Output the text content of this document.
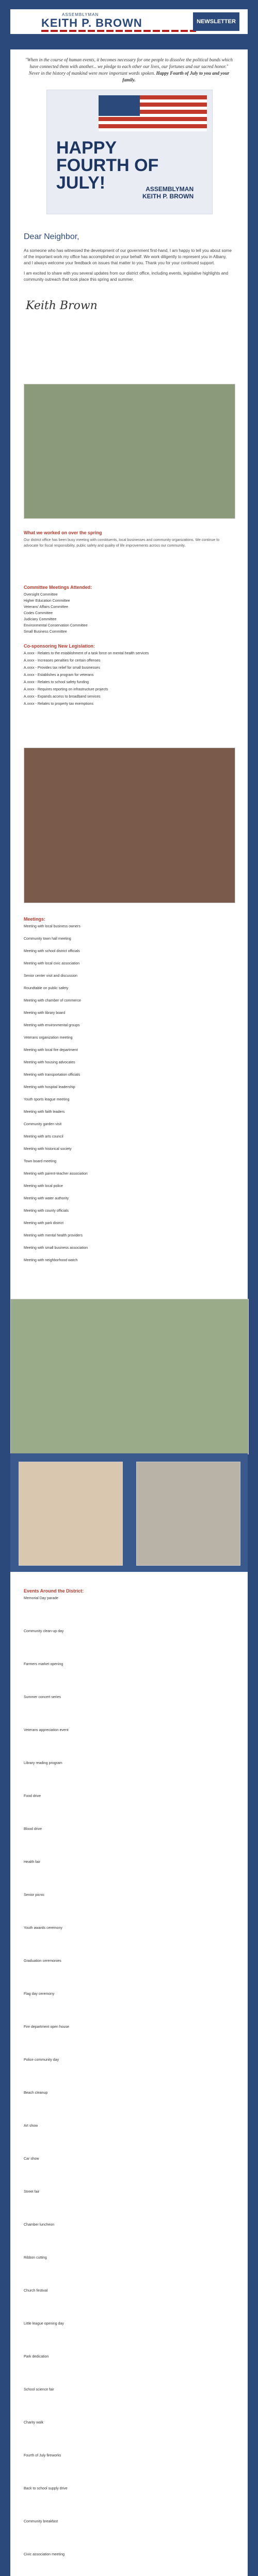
ASSEMBLYMAN
KEITH P. BROWN	NEWSLETTER
"When in the course of human events, it becomes necessary for one people to dissolve the political bands which have connected them with another... we pledge to each other our lives, our fortunes and our sacred honor." Never in the history of mankind were more important words spoken. Happy Fourth of July to you and your family.
HAPPY
FOURTH OF
JULY!	ASSEMBLYMAN
KEITH P. BROWN
Dear Neighbor,
As someone who has witnessed the development of our government first-hand, I am happy to tell you about some of the important work my office has accomplished on your behalf. We work diligently to represent you in Albany, and I always welcome your feedback on issues that matter to you. Thank you for your continued support.
I am excited to share with you several updates from our district office, including events, legislative highlights and community outreach that took place this spring and summer.
Keith Brown
What we worked on over the spring
Our district office has been busy meeting with constituents, local businesses and community organizations. We continue to advocate for fiscal responsibility, public safety and quality of life improvements across our community.
Committee Meetings Attended:
Oversight Committee
Higher Education Committee
Veterans' Affairs Committee
Codes Committee
Judiciary Committee
Environmental Conservation Committee
Small Business Committee
Co-sponsoring New Legislation:
A.xxxx - Relates to the establishment of a task force on mental health services
A.xxxx - Increases penalties for certain offenses
A.xxxx - Provides tax relief for small businesses
A.xxxx - Establishes a program for veterans
A.xxxx - Relates to school safety funding
A.xxxx - Requires reporting on infrastructure projects
A.xxxx - Expands access to broadband services
A.xxxx - Relates to property tax exemptions
Meetings:
Meeting with local business owners
Community town hall meeting
Meeting with school district officials
Meeting with local civic association
Senior center visit and discussion
Roundtable on public safety
Meeting with chamber of commerce
Meeting with library board
Meeting with environmental groups
Veterans organization meeting
Meeting with local fire department
Meeting with housing advocates
Meeting with transportation officials
Meeting with hospital leadership
Youth sports league meeting
Meeting with faith leaders
Community garden visit
Meeting with arts council
Meeting with historical society
Town board meeting
Meeting with parent-teacher association
Meeting with local police
Meeting with water authority
Meeting with county officials
Meeting with park district
Meeting with mental health providers
Meeting with small business association
Meeting with neighborhood watch
Events Around the District:
Memorial Day parade
Community clean-up day
Farmers market opening
Summer concert series
Veterans appreciation event
Library reading program
Food drive
Blood drive
Health fair
Senior picnic
Youth awards ceremony
Graduation ceremonies
Flag day ceremony
Fire department open house
Police community day
Beach cleanup
Art show
Car show
Street fair
Chamber luncheon
Ribbon cutting
Church festival
Little league opening day
Park dedication
School science fair
Charity walk
Fourth of July fireworks
Back to school supply drive
Community breakfast
Civic association meeting
